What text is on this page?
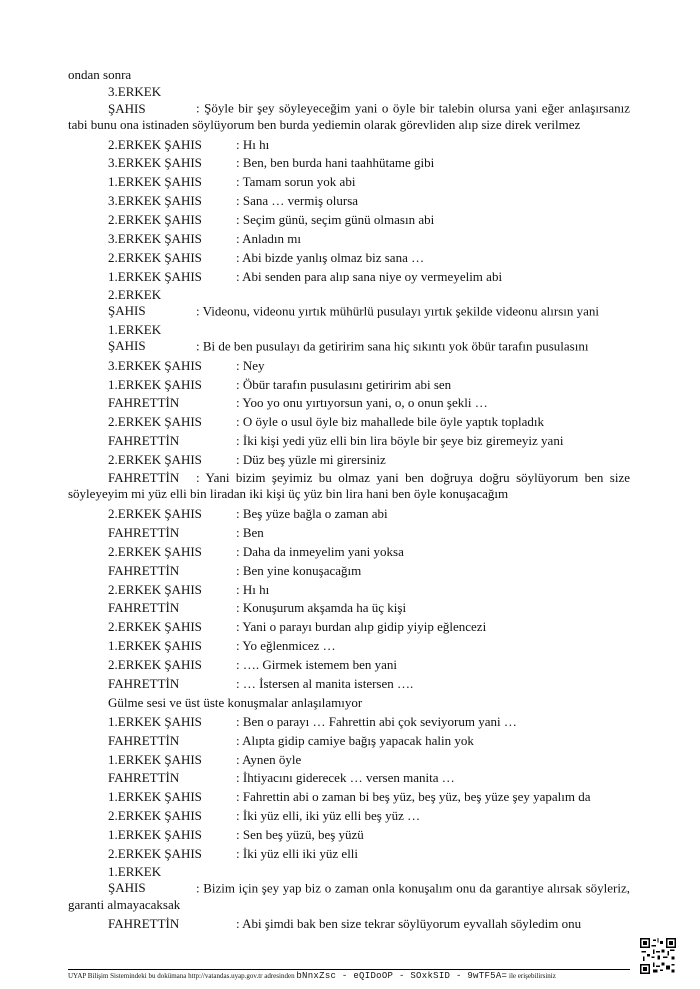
ondan sonra
3.ERKEK ŞAHIS	: Şöyle bir şey söyleyeceğim yani o öyle bir talebin olursa yani eğer anlaşırsanız tabi bunu ona istinaden söylüyorum ben burda yediemin olarak görevliden alıp size direk verilmez
2.ERKEK ŞAHIS	: Hı hı
3.ERKEK ŞAHIS	: Ben, ben burda hani taahhütame gibi
1.ERKEK ŞAHIS	: Tamam sorun yok abi
3.ERKEK ŞAHIS	: Sana … vermiş olursa
2.ERKEK ŞAHIS	: Seçim günü, seçim günü olmasın abi
3.ERKEK ŞAHIS	: Anladın mı
2.ERKEK ŞAHIS	: Abi bizde yanlış olmaz biz sana …
1.ERKEK ŞAHIS	: Abi senden para alıp sana niye oy vermeyelim abi
2.ERKEK ŞAHIS	: Videonu, videonu yırtık mühürlü pusulayı yırtık şekilde videonu alırsın yani
1.ERKEK ŞAHIS	: Bi de ben pusulayı da getiririm sana hiç sıkıntı yok öbür tarafın pusulasını
3.ERKEK ŞAHIS	: Ney
1.ERKEK ŞAHIS	: Öbür tarafın pusulasını getiririm abi sen
FAHRETTİN	: Yoo yo onu yırtıyorsun yani, o, o onun şekli …
2.ERKEK ŞAHIS	: O öyle o usul öyle biz mahallede bile öyle yaptık topladık
FAHRETTİN	: İki kişi yedi yüz elli bin lira böyle bir şeye biz giremeyiz yani
2.ERKEK ŞAHIS	: Düz beş yüzle mi girersiniz
FAHRETTİN : Yani bizim şeyimiz bu olmaz yani ben doğruya doğru söylüyorum ben size söyleyeyim mi yüz elli bin liradan iki kişi üç yüz bin lira hani ben öyle konuşacağım
2.ERKEK ŞAHIS	: Beş yüze bağla o zaman abi
FAHRETTİN	: Ben
2.ERKEK ŞAHIS	: Daha da inmeyelim yani yoksa
FAHRETTİN	: Ben yine konuşacağım
2.ERKEK ŞAHIS	: Hı hı
FAHRETTİN	: Konuşurum akşamda ha üç kişi
2.ERKEK ŞAHIS	: Yani o parayı burdan alıp gidip yiyip eğlencezi
1.ERKEK ŞAHIS	: Yo eğlenmicez …
2.ERKEK ŞAHIS	: …. Girmek istemem ben yani
FAHRETTİN	: … İstersen al manita istersen ….
Gülme sesi ve üst üste konuşmalar anlaşılamıyor
1.ERKEK ŞAHIS	: Ben o parayı … Fahrettin abi çok seviyorum yani …
FAHRETTİN	: Alıpta gidip camiye bağış yapacak halin yok
1.ERKEK ŞAHIS	: Aynen öyle
FAHRETTİN	: İhtiyacını giderecek … versen manita …
1.ERKEK ŞAHIS	: Fahrettin abi o zaman bi beş yüz, beş yüz, beş yüze şey yapalım da
2.ERKEK ŞAHIS	: İki yüz elli, iki yüz elli beş yüz …
1.ERKEK ŞAHIS	: Sen beş yüzü, beş yüzü
2.ERKEK ŞAHIS	: İki yüz elli iki yüz elli
1.ERKEK ŞAHIS	: Bizim için şey yap biz o zaman onla konuşalım onu da garantiye alırsak söyleriz, garanti almayacaksak
FAHRETTİN	: Abi şimdi bak ben size tekrar söylüyorum eyvallah söyledim onu
UYAP Bilişim Sistemindeki bu dokümana http://vatandas.uyap.gov.tr adresinden bNnxZsc - eQIDoOP - SOxkSID - 9wTF5A= ile erişebilirsiniz
